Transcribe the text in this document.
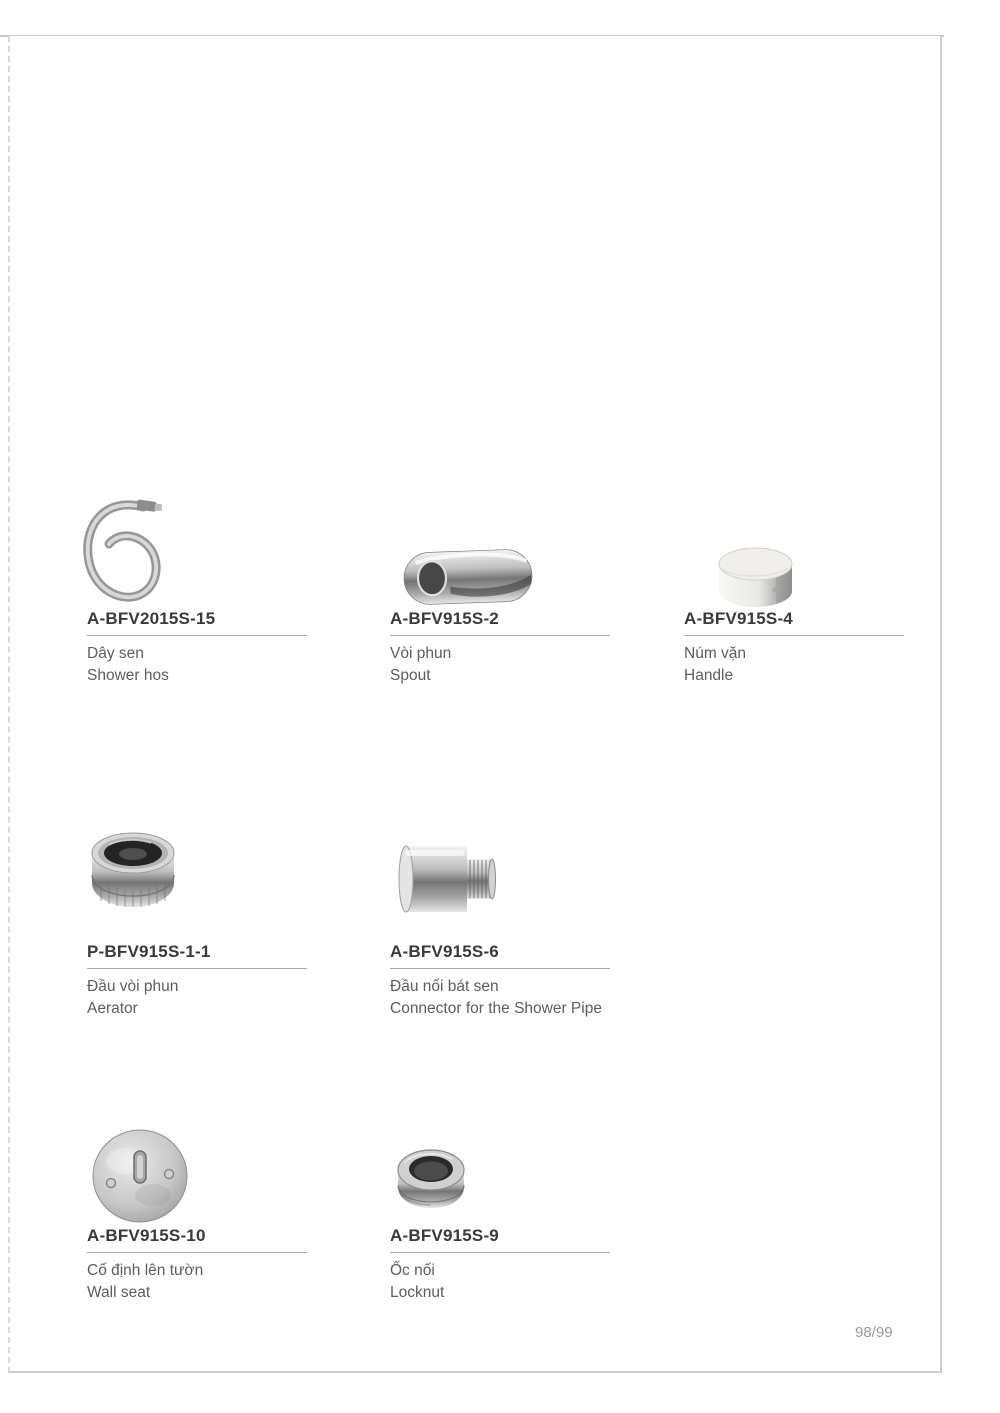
A-BFV2015S-15
Dây sen
Shower hos
A-BFV915S-2
Vòi phun
Spout
A-BFV915S-4
Núm vặn
Handle
P-BFV915S-1-1
Đầu vòi phun
Aerator
A-BFV915S-6
Đầu nối bát sen
Connector for the Shower Pipe
A-BFV915S-10
Cố định lên tườn
Wall seat
A-BFV915S-9
Ốc nối
Locknut
98/99
